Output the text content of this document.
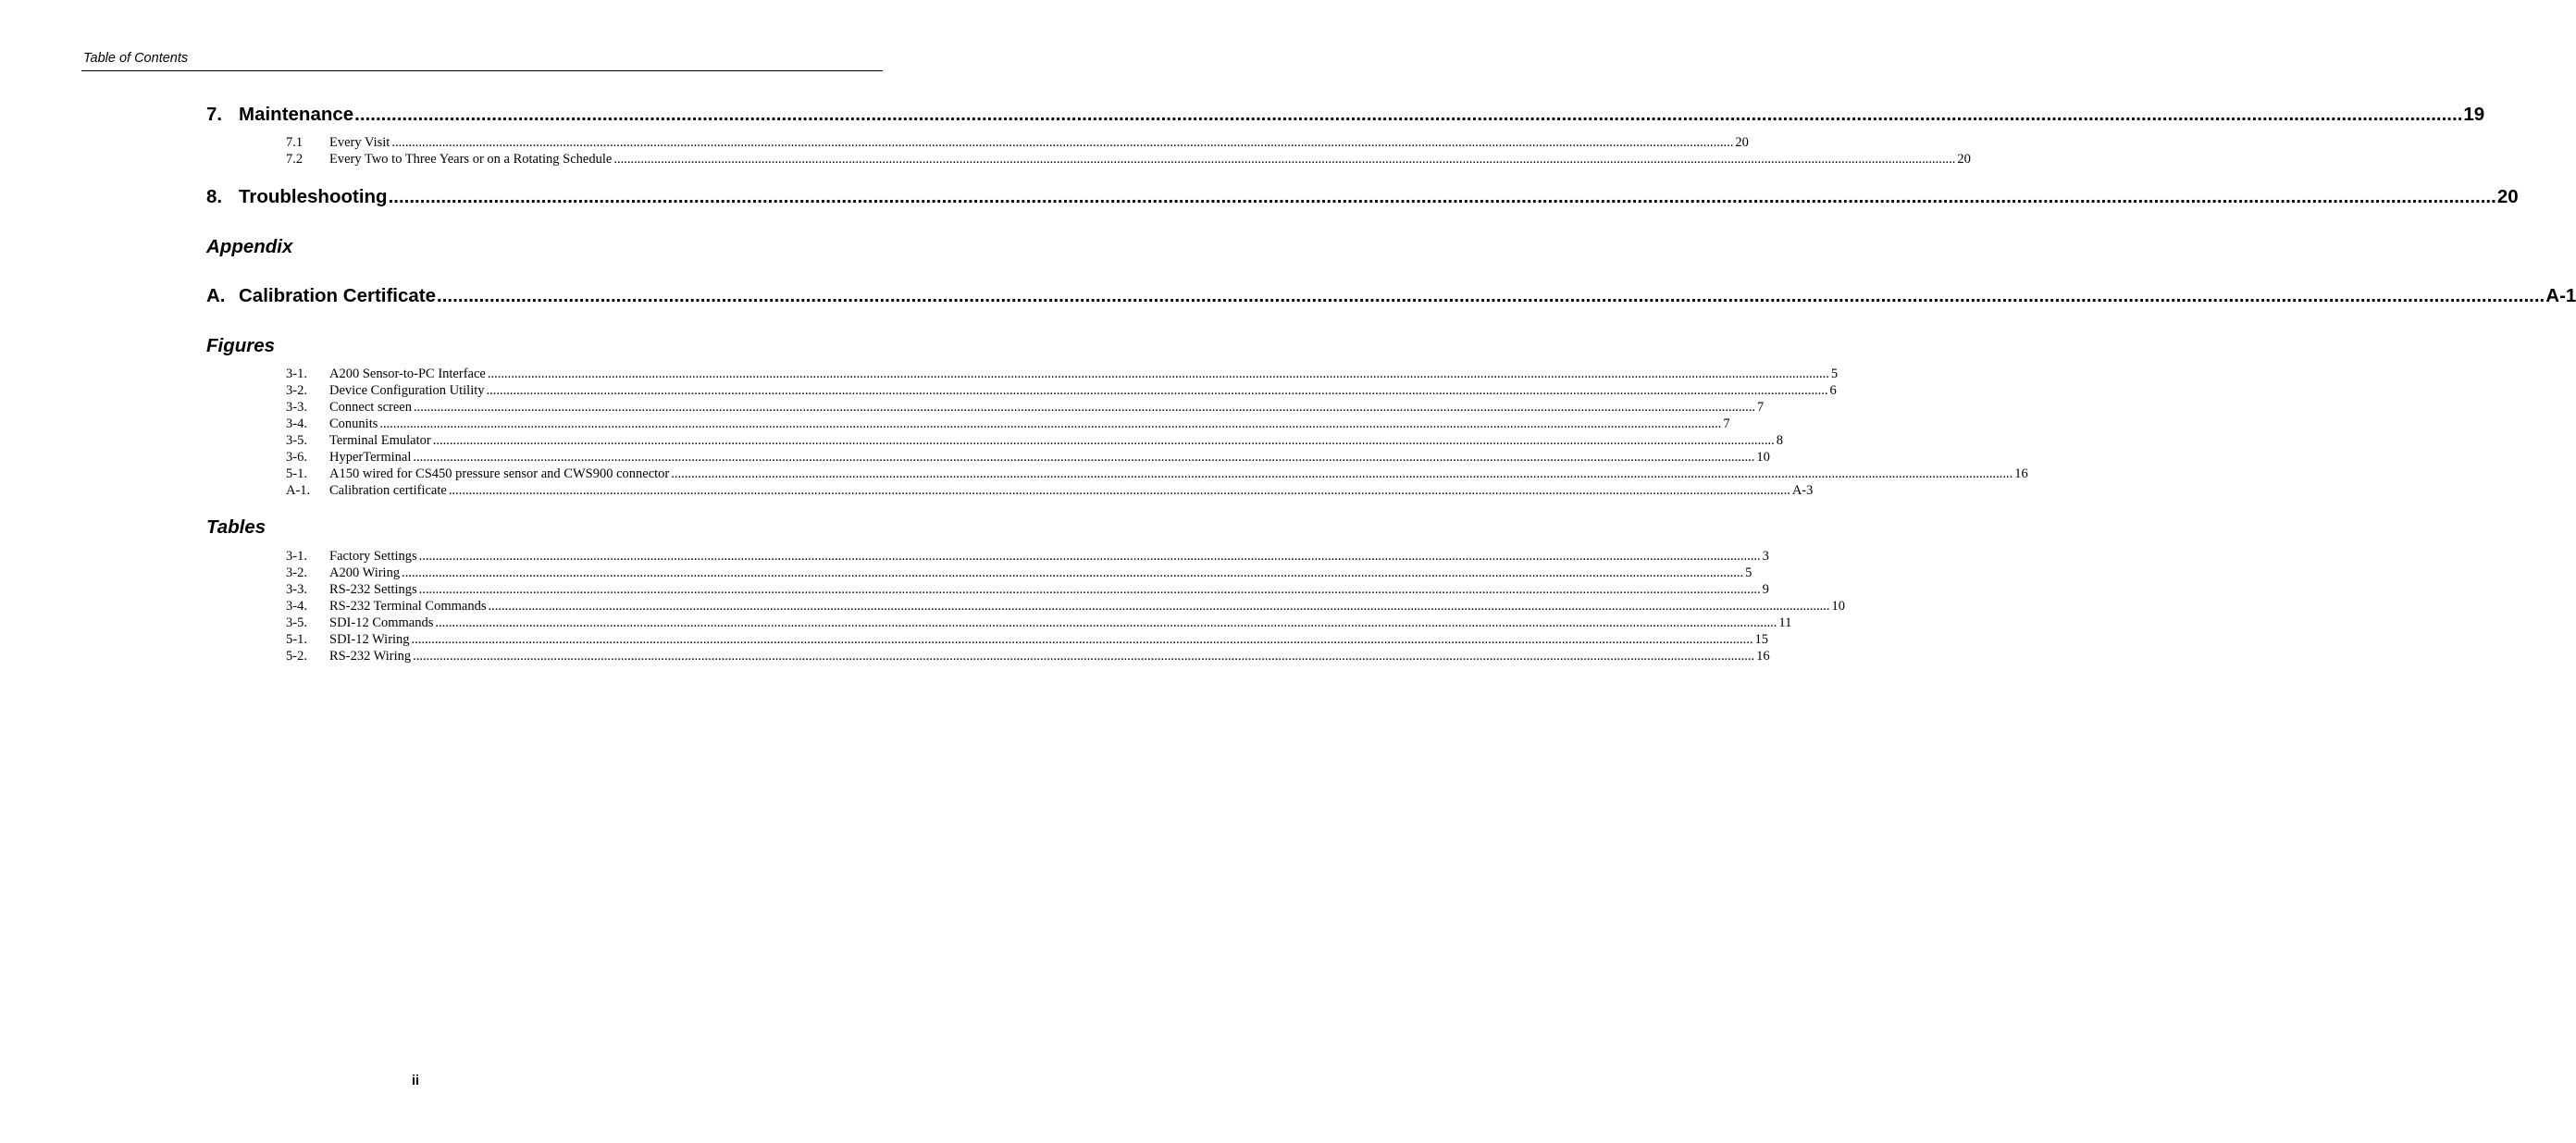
Table of Contents
7. Maintenance ................................................................................................................................................................................................................................................................................................................................................................................................................ 19
7.1	Every Visit ................................................................................................................................................................................................................................................................................................................................................................................................................ 20
7.2	Every Two to Three Years or on a Rotating Schedule ................................................................................................................................................................................................................................................................................................................................................................................................................ 20
8. Troubleshooting ................................................................................................................................................................................................................................................................................................................................................................................................................ 20
Appendix
A. Calibration Certificate ................................................................................................................................................................................................................................................................................................................................................................................................................ A-1
Figures
3-1.	A200 Sensor-to-PC Interface ................................................................................................................................................................................................................................................................................................................................................................................................................ 5
3-2.	Device Configuration Utility ................................................................................................................................................................................................................................................................................................................................................................................................................ 6
3-3.	Connect screen ................................................................................................................................................................................................................................................................................................................................................................................................................ 7
3-4.	Conunits ................................................................................................................................................................................................................................................................................................................................................................................................................ 7
3-5.	Terminal Emulator ................................................................................................................................................................................................................................................................................................................................................................................................................ 8
3-6.	HyperTerminal ................................................................................................................................................................................................................................................................................................................................................................................................................ 10
5-1.	A150 wired for CS450 pressure sensor and CWS900 connector ................................................................................................................................................................................................................................................................................................................................................................................................................ 16
A-1.	Calibration certificate ................................................................................................................................................................................................................................................................................................................................................................................................................ A-3
Tables
3-1.	Factory Settings ................................................................................................................................................................................................................................................................................................................................................................................................................ 3
3-2.	A200 Wiring ................................................................................................................................................................................................................................................................................................................................................................................................................ 5
3-3.	RS-232 Settings ................................................................................................................................................................................................................................................................................................................................................................................................................ 9
3-4.	RS-232 Terminal Commands ................................................................................................................................................................................................................................................................................................................................................................................................................ 10
3-5.	SDI-12 Commands ................................................................................................................................................................................................................................................................................................................................................................................................................ 11
5-1.	SDI-12 Wiring ................................................................................................................................................................................................................................................................................................................................................................................................................ 15
5-2.	RS-232 Wiring ................................................................................................................................................................................................................................................................................................................................................................................................................ 16
ii
